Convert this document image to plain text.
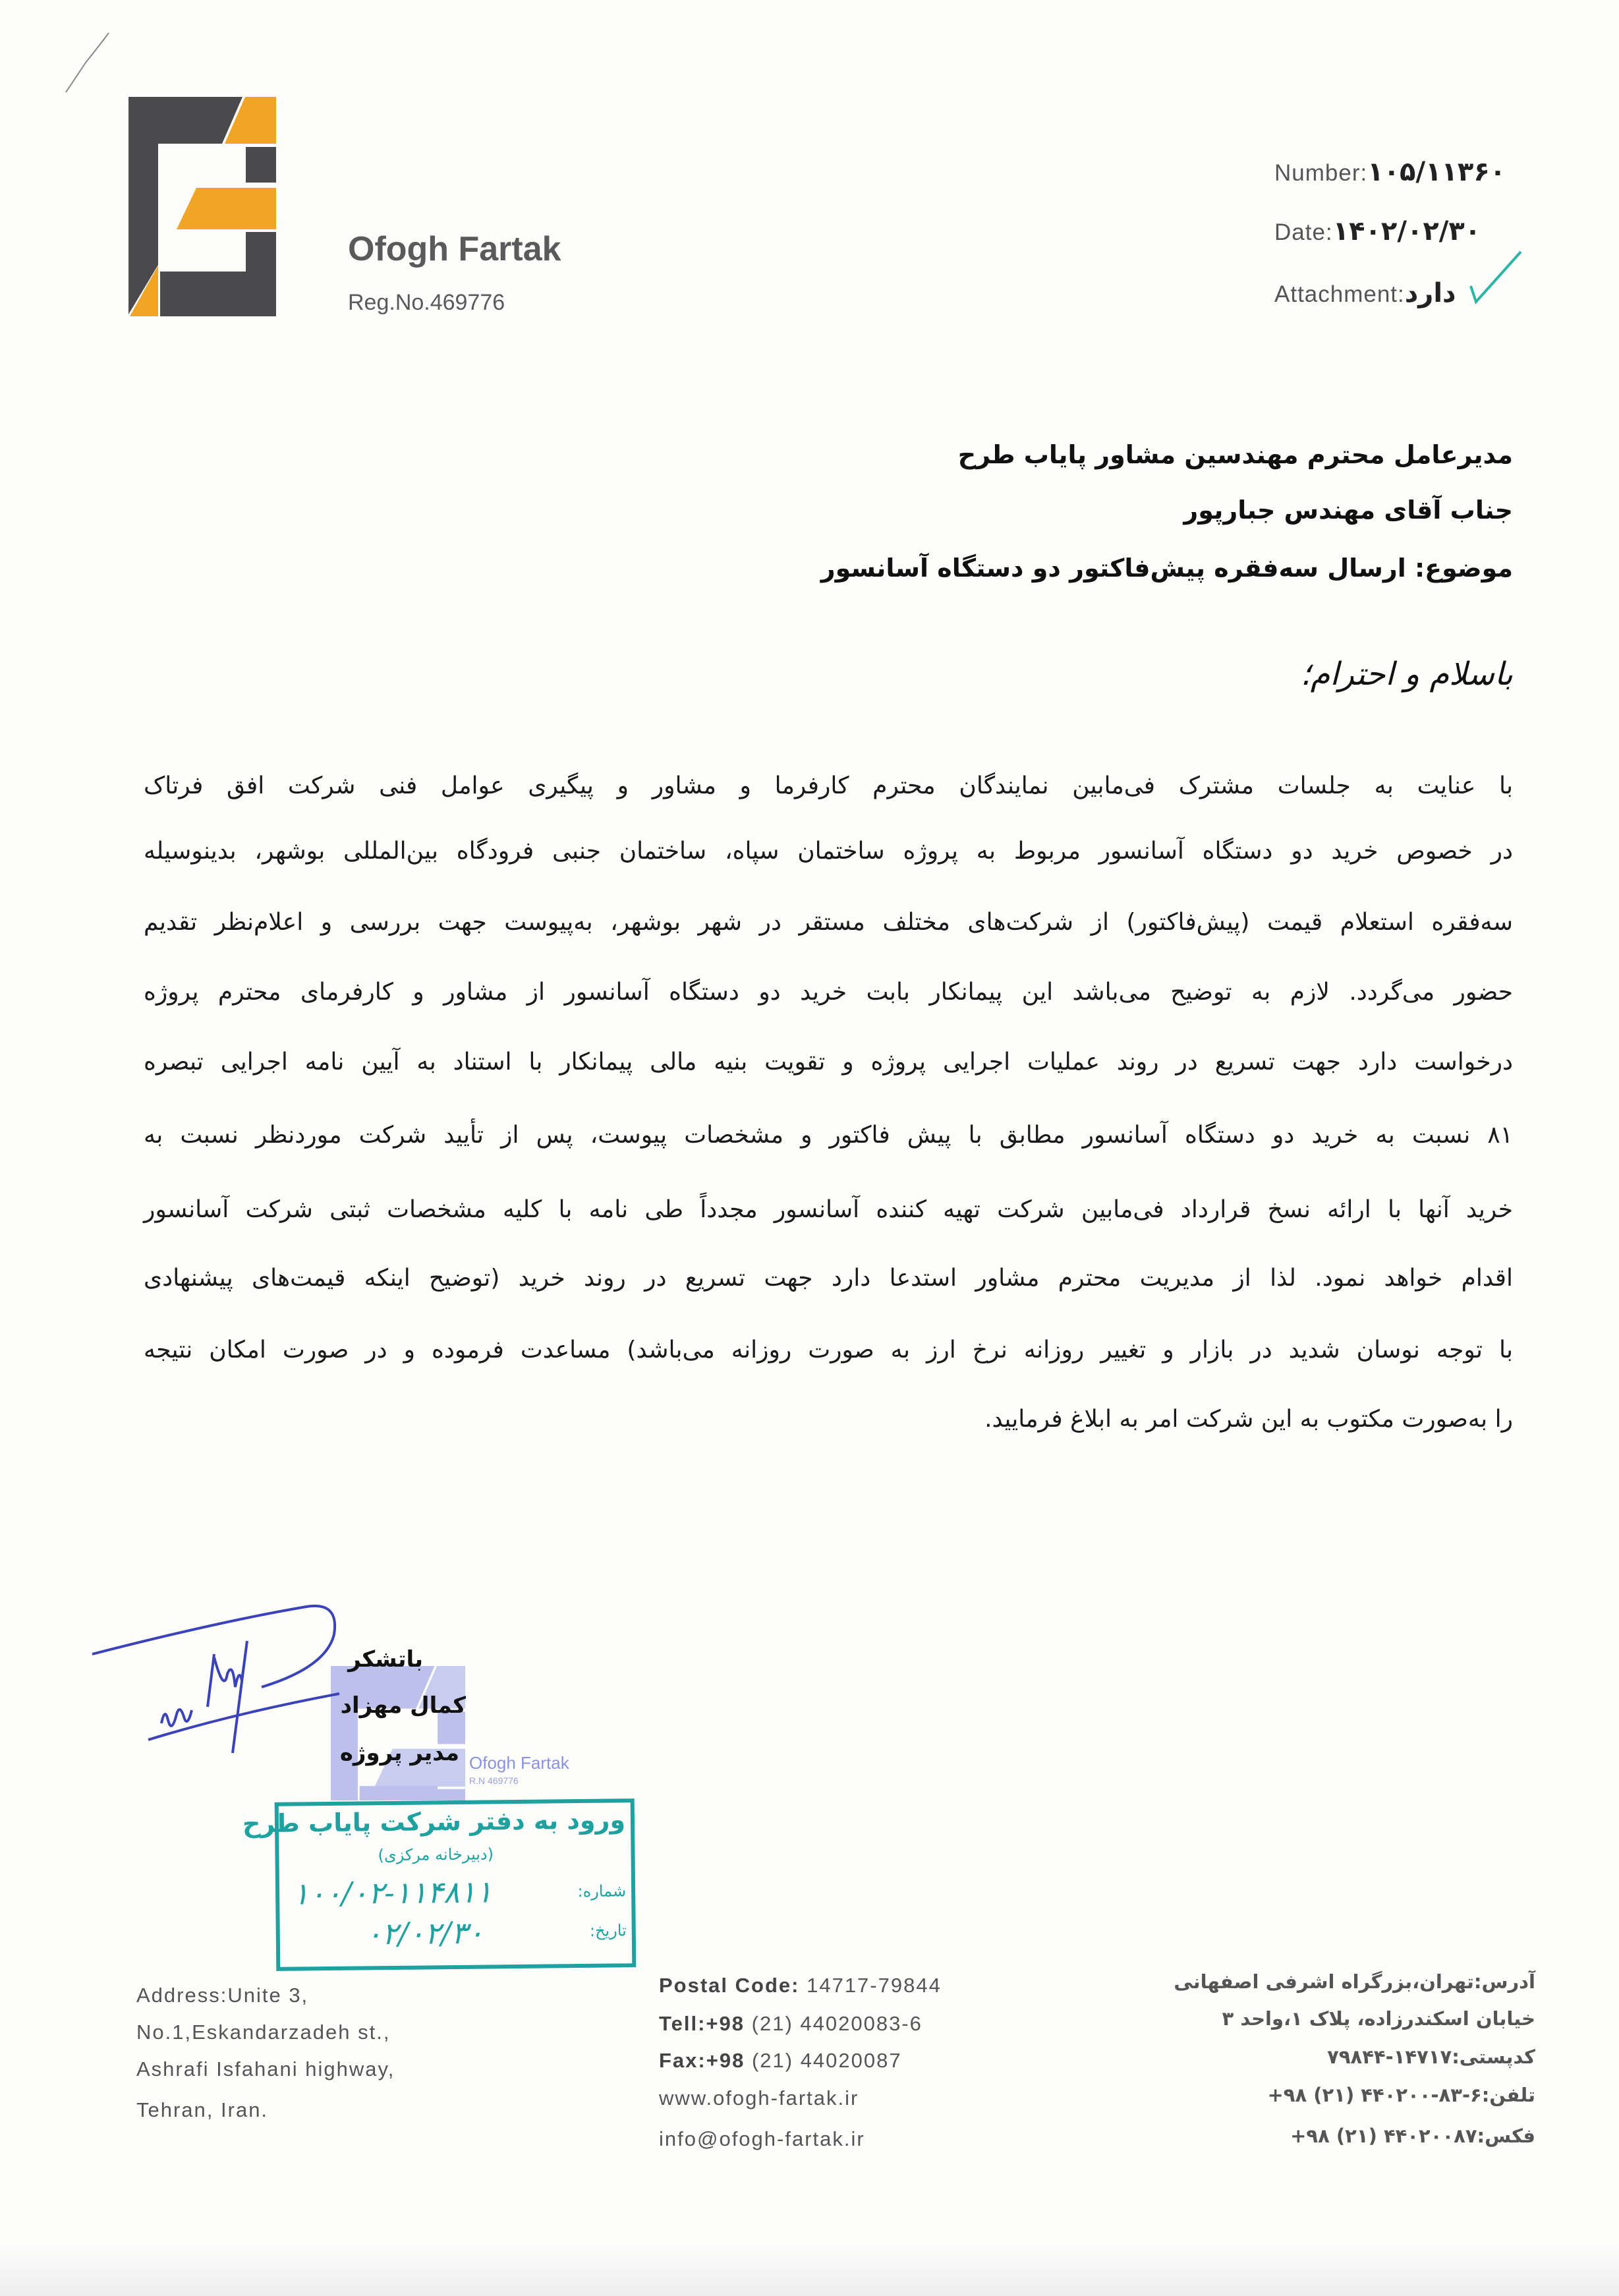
Ofogh Fartak
Reg.No.469776
Number:۱۰۵/۱۱۳۶۰
Date:۱۴۰۲/۰۲/۳۰
Attachment:دارد
مدیرعامل محترم مهندسین مشاور پایاب طرح
جناب آقای مهندس جبارپور
موضوع: ارسال سه‌فقره پیش‌فاکتور دو دستگاه آسانسور
باسلام و احترام؛
با عنایت به جلسات مشترک فی‌مابین نمایندگان محترم کارفرما و مشاور و پیگیری عوامل فنی شرکت افق فرتاک
در خصوص خرید دو دستگاه آسانسور مربوط به پروژه ساختمان سپاه، ساختمان جنبی فرودگاه بین‌المللی بوشهر، بدینوسیله
سه‌فقره استعلام قیمت (پیش‌فاکتور) از شرکت‌های مختلف مستقر در شهر بوشهر، به‌پیوست جهت بررسی و اعلام‌نظر تقدیم
حضور می‌گردد. لازم به توضیح می‌باشد این پیمانکار بابت خرید دو دستگاه آسانسور از مشاور و کارفرمای محترم پروژه
درخواست دارد جهت تسریع در روند عملیات اجرایی پروژه و تقویت بنیه مالی پیمانکار با استناد به آیین نامه اجرایی تبصره
۸۱ نسبت به خرید دو دستگاه آسانسور مطابق با پیش فاکتور و مشخصات پیوست، پس از تأیید شرکت موردنظر نسبت به
خرید آنها با ارائه نسخ قرارداد فی‌مابین شرکت تهیه کننده آسانسور مجدداً طی نامه با کلیه مشخصات ثبتی شرکت آسانسور
اقدام خواهد نمود. لذا از مدیریت محترم مشاور استدعا دارد جهت تسریع در روند خرید (توضیح اینکه قیمت‌های پیشنهادی
با توجه نوسان شدید در بازار و تغییر روزانه نرخ ارز به صورت روزانه می‌باشد) مساعدت فرموده و در صورت امکان نتیجه
را به‌صورت مکتوب به این شرکت امر به ابلاغ فرمایید.
Ofogh Fartak
R.N 469776
باتشکر
کمال مهزاد
مدیر پروژه
ورود به دفتر شرکت پایاب طرح
(دبیرخانه مرکزی)
شماره:
۱۰۰/۰۲-۱۱۴۸۱۱
تاریخ:
۰۲/۰۲/۳۰
Address:Unite 3,
No.1,Eskandarzadeh st.,
Ashrafi Isfahani highway,
Tehran, Iran.
Postal Code: 14717-79844
Tell:+98 (21) 44020083-6
Fax:+98 (21) 44020087
www.ofogh-fartak.ir
info@ofogh-fartak.ir
آدرس:تهران،بزرگراه اشرفی اصفهانی
خیابان اسکندرزاده، پلاک ۱،واحد ۳
کدپستی:۱۴۷۱۷-۷۹۸۴۴
تلفن:۶-۸۳-۴۴۰۲۰۰ (۲۱) ۹۸+
فکس:۴۴۰۲۰۰۸۷ (۲۱) ۹۸+
